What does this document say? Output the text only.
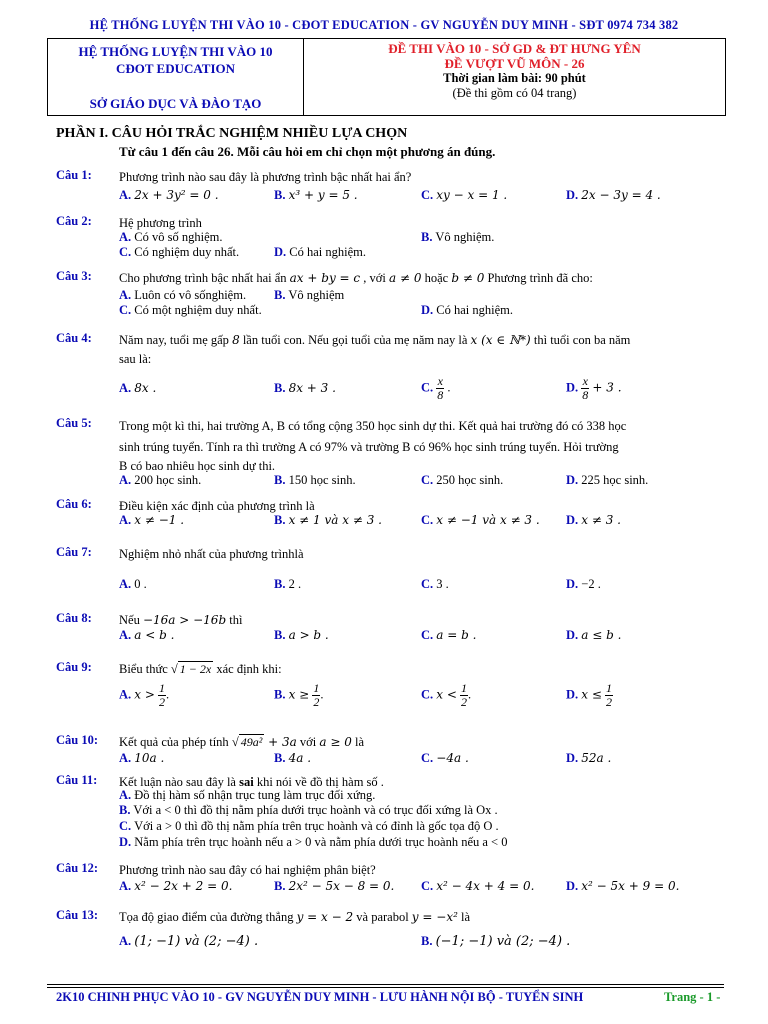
HỆ THỐNG LUYỆN THI VÀO 10 - CĐOT EDUCATION - GV NGUYỄN DUY MINH - SĐT 0974 734 382
HỆ THỐNG LUYỆN THI VÀO 10
CĐOT EDUCATION
SỞ GIÁO DỤC VÀ ĐÀO TẠO
ĐỀ THI VÀO 10 - SỞ GD & ĐT HƯNG YÊN
ĐỀ VƯỢT VŨ MÔN - 26
Thời gian làm bài: 90 phút
(Đề thi gồm có 04 trang)
PHẦN I. CÂU HỎI TRẮC NGHIỆM NHIỀU LỰA CHỌN
Từ câu 1 đến câu 26. Mỗi câu hỏi em chỉ chọn một phương án đúng.
Câu 1: Phương trình nào sau đây là phương trình bậc nhất hai ẩn?
A. 2x + 3y² = 0 .	B. x³ + y = 5 .	C. xy − x = 1 .	D. 2x − 3y = 4 .
Câu 2: Hệ phương trình
A. Có vô số nghiệm.	B. Vô nghiệm.
C. Có nghiệm duy nhất.	D. Có hai nghiệm.
Câu 3: Cho phương trình bậc nhất hai ẩn ax + by = c , với a ≠ 0 hoặc b ≠ 0 Phương trình đã cho:
A. Luôn có vô sốnghiệm. B. Vô nghiệm
C. Có một nghiệm duy nhất.	D. Có hai nghiệm.
Câu 4: Năm nay, tuổi mẹ gấp 8 lần tuổi con. Nếu gọi tuổi của mẹ năm nay là x (x ∈ ℕ*) thì tuổi con ba năm
sau là:
A. 8x .	B. 8x + 3 .	C. $\frac{x}{8}$ .	D. $\frac{x}{8} + 3$ .
Câu 5: Trong một kì thi, hai trường A, B có tổng cộng 350 học sinh dự thi. Kết quả hai trường đó có 338 học
sinh trúng tuyển. Tính ra thì trường A có 97% và trường B có 96% học sinh trúng tuyển. Hỏi trường
B có bao nhiêu học sinh dự thi.
A. 200 học sinh.	B. 150 học sinh.	C. 250 học sinh.	D. 225 học sinh.
Câu 6: Điều kiện xác định của phương trình là
A. x ≠ −1 .	B. x ≠ 1 và x ≠ 3 .	C. x ≠ −1 và x ≠ 3 . D. x ≠ 3 .
Câu 7: Nghiệm nhỏ nhất của phương trìnhlà
A. 0 .	B. 2 .	C. 3 .	D. −2 .
Câu 8: Nếu −16a > −16b thì
A. a < b .	B. a > b .	C. a = b .	D. a ≤ b .
Câu 9: Biểu thức √ 1 − 2x xác định khi:
A. $x > \frac{1}{2}$ .	B. $x \ge \frac{1}{2}$ .	C. $x < \frac{1}{2}$ .	D. $x \le \frac{1}{2}$
Câu 10: Kết quả của phép tính √ 49a² + 3a với a ≥ 0 là
A. 10a .	B. 4a .	C. −4a .	D. 52a .
Câu 11: Kết luận nào sau đây là sai khi nói về đồ thị hàm số .
A. Đồ thị hàm số nhận trục tung làm trục đối xứng.
B. Với a < 0 thì đồ thị nằm phía dưới trục hoành và có trục đối xứng là Ox .
C. Với a > 0 thì đồ thị nằm phía trên trục hoành và có đỉnh là gốc tọa độ O .
D. Nằm phía trên trục hoành nếu a > 0 và nằm phía dưới trục hoành nếu a < 0
Câu 12: Phương trình nào sau đây có hai nghiệm phân biệt?
A. x² − 2x + 2 = 0.	B. 2x² − 5x − 8 = 0. C. x² − 4x + 4 = 0.	D. x² − 5x + 9 = 0.
Câu 13: Tọa độ giao điểm của đường thẳng y = x − 2 và parabol y = −x² là
A. (1; −1) và (2; −4) .	B. (−1; −1) và (2; −4) .
2K10 CHINH PHỤC VÀO 10 - GV NGUYỄN DUY MINH - LƯU HÀNH NỘI BỘ - TUYỂN SINH	Trang - 1 -
